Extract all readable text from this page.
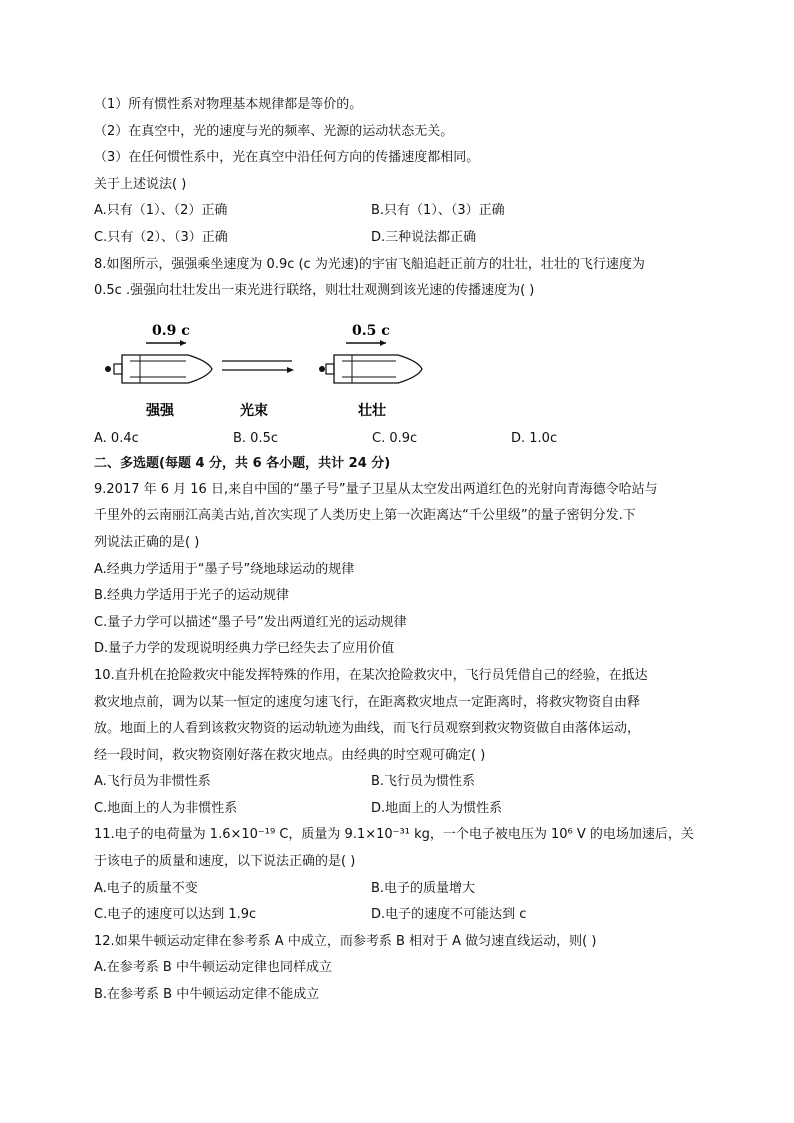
（1）所有惯性系对物理基本规律都是等价的。
（2）在真空中，光的速度与光的频率、光源的运动状态无关。
（3）在任何惯性系中，光在真空中沿任何方向的传播速度都相同。
关于上述说法( )
A.只有（1）、（2）正确	B.只有（1）、（3）正确
C.只有（2）、（3）正确	D.三种说法都正确
8.如图所示，强强乘坐速度为 0.9c (c 为光速)的宇宙飞船追赶正前方的壮壮，壮壮的飞行速度为
0.5c .强强向壮壮发出一束光进行联络，则壮壮观测到该光速的传播速度为( )
0.9 c	0.5 c
强强	光束	壮壮
A. 0.4c	B. 0.5c	C. 0.9c	D. 1.0c
二、多选题(每题 4 分，共 6 各小题，共计 24 分)
9.2017 年 6 月 16 日,来自中国的“墨子号”量子卫星从太空发出两道红色的光射向青海德令哈站与
千里外的云南丽江高美古站,首次实现了人类历史上第一次距离达“千公里级”的量子密钥分发.下
列说法正确的是( )
A.经典力学适用于“墨子号”绕地球运动的规律
B.经典力学适用于光子的运动规律
C.量子力学可以描述“墨子号”发出两道红光的运动规律
D.量子力学的发现说明经典力学已经失去了应用价值
10.直升机在抢险救灾中能发挥特殊的作用，在某次抢险救灾中，飞行员凭借自己的经验，在抵达
救灾地点前，调为以某一恒定的速度匀速飞行，在距离救灾地点一定距离时，将救灾物资自由释
放。地面上的人看到该救灾物资的运动轨迹为曲线，而飞行员观察到救灾物资做自由落体运动，
经一段时间，救灾物资刚好落在救灾地点。由经典的时空观可确定( )
A.飞行员为非惯性系	B.飞行员为惯性系
C.地面上的人为非惯性系	D.地面上的人为惯性系
11.电子的电荷量为 1.6×10⁻¹⁹ C，质量为 9.1×10⁻³¹ kg，一个电子被电压为 10⁶ V 的电场加速后，关
于该电子的质量和速度，以下说法正确的是( )
A.电子的质量不变	B.电子的质量增大
C.电子的速度可以达到 1.9c	D.电子的速度不可能达到 c
12.如果牛顿运动定律在参考系 A 中成立，而参考系 B 相对于 A 做匀速直线运动，则( )
A.在参考系 B 中牛顿运动定律也同样成立
B.在参考系 B 中牛顿运动定律不能成立
